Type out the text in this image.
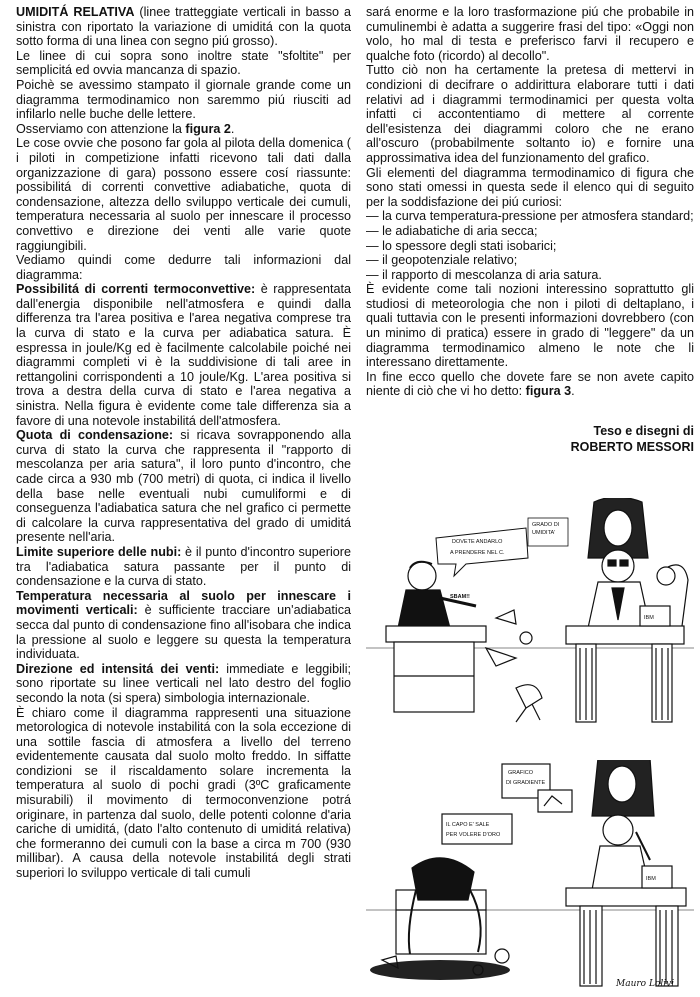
UMIDITÁ RELATIVA (linee tratteggiate verticali in basso a sinistra con riportato la variazione di umiditá con la quota sotto forma di una linea con segno piú grosso).

Le linee di cui sopra sono inoltre state "sfoltite" per semplicitá ed ovvia mancanza di spazio.

Poichè se avessimo stampato il giornale grande come un diagramma termodinamico non saremmo piú riusciti ad infilarlo nelle buche delle lettere.

Osserviamo con attenzione la figura 2.

Le cose ovvie che posono far gola al pilota della domenica ( i piloti in competizione infatti ricevono tali dati dalla organizzazione di gara) possono essere cosí riassunte: possibilitá di correnti convettive adiabatiche, quota di condensazione, altezza dello sviluppo verticale dei cumuli, temperatura necessaria al suolo per innescare il processo convettivo e direzione dei venti alle varie quote raggiungibili.

Vediamo quindi come dedurre tali informazioni dal diagramma:

Possibilitá di correnti termoconvettive: è rappresentata dall'energia disponibile nell'atmosfera e quindi dalla differenza tra l'area positiva e l'area negativa comprese tra la curva di stato e la curva per adiabatica satura. È espressa in joule/Kg ed è facilmente calcolabile poiché nei diagrammi completi vi è la suddivisione di tali aree in rettangolini corrispondenti a 10 joule/Kg. L'area positiva si trova a destra della curva di stato e l'area negativa a sinistra. Nella figura è evidente come tale differenza sia a favore di una notevole instabilitá dell'atmosfera.

Quota di condensazione: si ricava sovrapponendo alla curva di stato la curva che rappresenta il "rapporto di mescolanza per aria satura", il loro punto d'incontro, che cade circa a 930 mb (700 metri) di quota, ci indica il livello della base nelle eventuali nubi cumuliformi e di conseguenza l'adiabatica satura che nel grafico ci permette di calcolare la curva rappresentativa del grado di umiditá presente nell'aria.

Limite superiore delle nubi: è il punto d'incontro superiore tra l'adiabatica satura passante per il punto di condensazione e la curva di stato.

Temperatura necessaria al suolo per innescare i movimenti verticali: è sufficiente tracciare un'adiabatica secca dal punto di condensazione fino all'isobara che indica la pressione al suolo e leggere su questa la temperatura individuata.

Direzione ed intensitá dei venti: immediate e leggibili; sono riportate su linee verticali nel lato destro del foglio secondo la nota (si spera) simbologia internazionale.

È chiaro come il diagramma rappresenti una situazione metorologica di notevole instabilitá con la sola eccezione di una sottile fascia di atmosfera a livello del terreno evidentemente causata dal suolo molto freddo. In siffatte condizioni se il riscaldamento solare incrementa la temperatura al suolo di pochi gradi (3ºC graficamente misurabili) il movimento di termoconvenzione potrá originare, in partenza dal suolo, delle potenti colonne d'aria cariche di umiditá, (dato l'alto contenuto di umiditá relativa) che formeranno dei cumuli con la base a circa m 700 (930 millibar). A causa della notevole instabilitá degli strati superiori lo sviluppo verticale di tali cumuli

sará enorme e la loro trasformazione piú che probabile in cumulinembi è adatta a suggerire frasi del tipo: «Oggi non volo, ho mal di testa e preferisco farvi il recupero e qualche foto (ricordo) al decollo".

Tutto ciò non ha certamente la pretesa di mettervi in condizioni di decifrare o addirittura elaborare tutti i dati relativi ad i diagrammi termodinamici per questa volta infatti ci accontentiamo di mettere al corrente dell'esistenza dei diagrammi coloro che ne erano all'oscuro (probabilmente soltanto io) e fornire una approssimativa idea del funzionamento del grafico.

Gli elementi del diagramma termodinamico di figura che sono stati omessi in questa sede il elenco qui di seguito per la soddisfazione dei piú curiosi:

— la curva temperatura-pressione per atmosfera standard;
— le adiabatiche di aria secca;
— lo spessore degli stati isobarici;
— il geopotenziale relativo;
— il rapporto di mescolanza di aria satura.

È evidente come tali nozioni interessino soprattutto gli studiosi di meteorologia che non i piloti di deltaplano, i quali tuttavia con le presenti informazioni dovrebbero (con un minimo di pratica) essere in grado di "leggere" da un diagramma termodinamico almeno le note che li interessano direttamente.

In fine ecco quello che dovete fare se non avete capito niente di ciò che vi ho detto: figura 3.

Teso e disegni di
ROBERTO MESSORI
DOVETE ANDARLO
A PRENDERE NEL C.
GRADO DI
UMIDITA'
IBM
SBAM!!
IL CAPO E' SALE
PER VOLERE D'ORO
GRAFICO
DI GRADIENTE
IBM
Mauro Lolivi
